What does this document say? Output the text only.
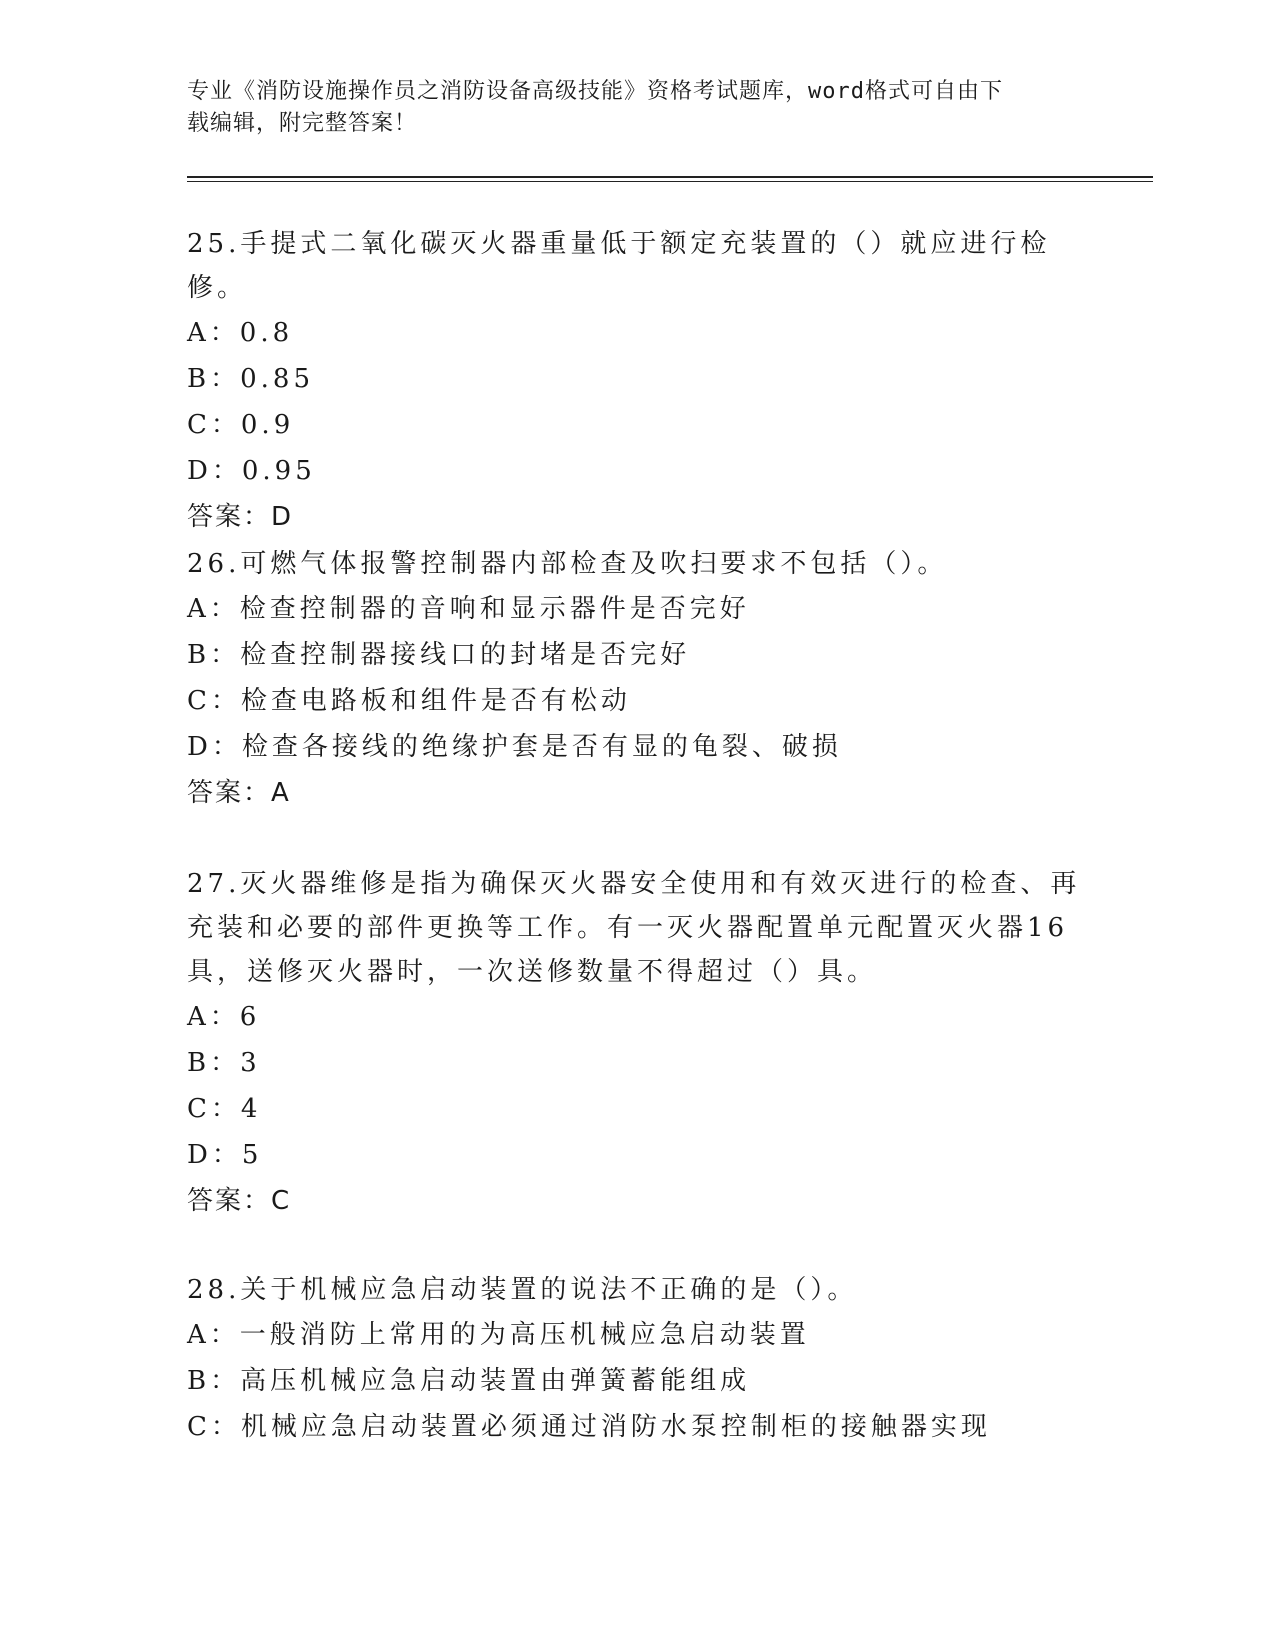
专业《消防设施操作员之消防设备高级技能》资格考试题库，word格式可自由下
载编辑，附完整答案！

25.手提式二氧化碳灭火器重量低于额定充装置的（）就应进行检修。

A：0.8
B：0.85
C：0.9
D：0.95
答案：D

26.可燃气体报警控制器内部检查及吹扫要求不包括（）。

A：检查控制器的音响和显示器件是否完好
B：检查控制器接线口的封堵是否完好
C：检查电路板和组件是否有松动
D：检查各接线的绝缘护套是否有显的龟裂、破损
答案：A

27.灭火器维修是指为确保灭火器安全使用和有效灭进行的检查、再充装和必要的部件更换等工作。有一灭火器配置单元配置灭火器16具，送修灭火器时，一次送修数量不得超过（）具。

A：6
B：3
C：4
D：5
答案：C

28.关于机械应急启动装置的说法不正确的是（）。

A：一般消防上常用的为高压机械应急启动装置
B：高压机械应急启动装置由弹簧蓄能组成
C：机械应急启动装置必须通过消防水泵控制柜的接触器实现
